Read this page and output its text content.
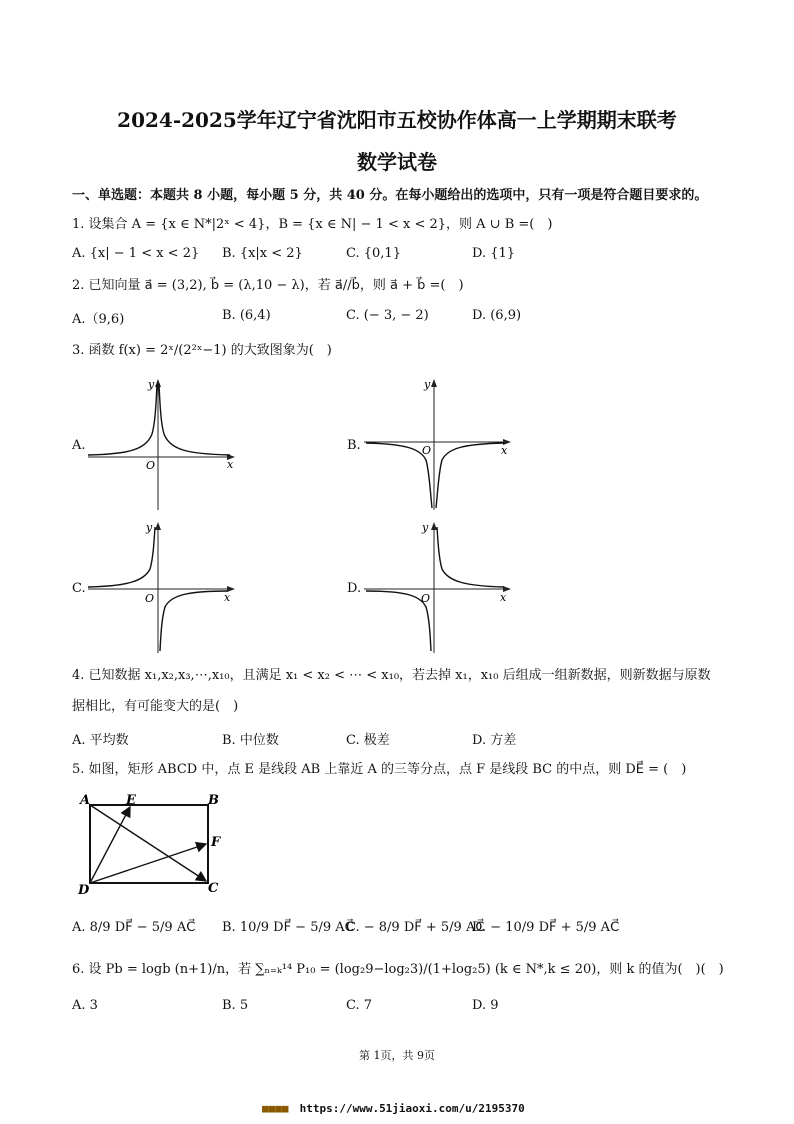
2024-2025学年辽宁省沈阳市五校协作体高一上学期期末联考
数学试卷
一、单选题：本题共 8 小题，每小题 5 分，共 40 分。在每小题给出的选项中，只有一项是符合题目要求的。
1. 设集合 A = {x ∈ N*|2ˣ < 4}，B = {x ∈ N| − 1 < x < 2}，则 A ∪ B =(　)
A. {x| − 1 < x < 2} B. {x|x < 2}	C. {0,1}	D. {1}
2. 已知向量 a⃗ = (3,2), b⃗ = (λ,10 − λ)，若 a⃗//b⃗，则 a⃗ + b⃗ =(　)
A.（9,6)	B. (6,4)	C. (− 3, − 2)	D. (6,9)
3. 函数 f(x) = 2ˣ/(2²ˣ−1) 的大致图象为(　)
A.	B.
C.	D.
y
x
O
y
x
O
y
x
O
y
x
O
4. 已知数据 x₁,x₂,x₃,⋯,x₁₀，且满足 x₁ < x₂ < ⋯ < x₁₀，若去掉 x₁，x₁₀ 后组成一组新数据，则新数据与原数
据相比，有可能变大的是(　)
A. 平均数	B. 中位数	C. 极差	D. 方差
5. 如图，矩形 ABCD 中，点 E 是线段 AB 上靠近 A 的三等分点，点 F 是线段 BC 的中点，则 DE⃗ = (　)
A	E	B
F
C
D
A. 8/9 DF⃗ − 5/9 AC⃗ B. 10/9 DF⃗ − 5/9 AC⃗
C. − 8/9 DF⃗ + 5/9 AC⃗
D. − 10/9 DF⃗ + 5/9 AC⃗
6. 设 Pb = logb (n+1)/n，若 ∑ₙ₌ₖ¹⁴ P₁₀ = (log₂9−log₂3)/(1+log₂5) (k ∈ N*,k ≤ 20)，则 k 的值为(　)(　)
A. 3	B. 5	C. 7	D. 9
第 1页，共 9页
■■■■ https://www.51jiaoxi.com/u/2195370
